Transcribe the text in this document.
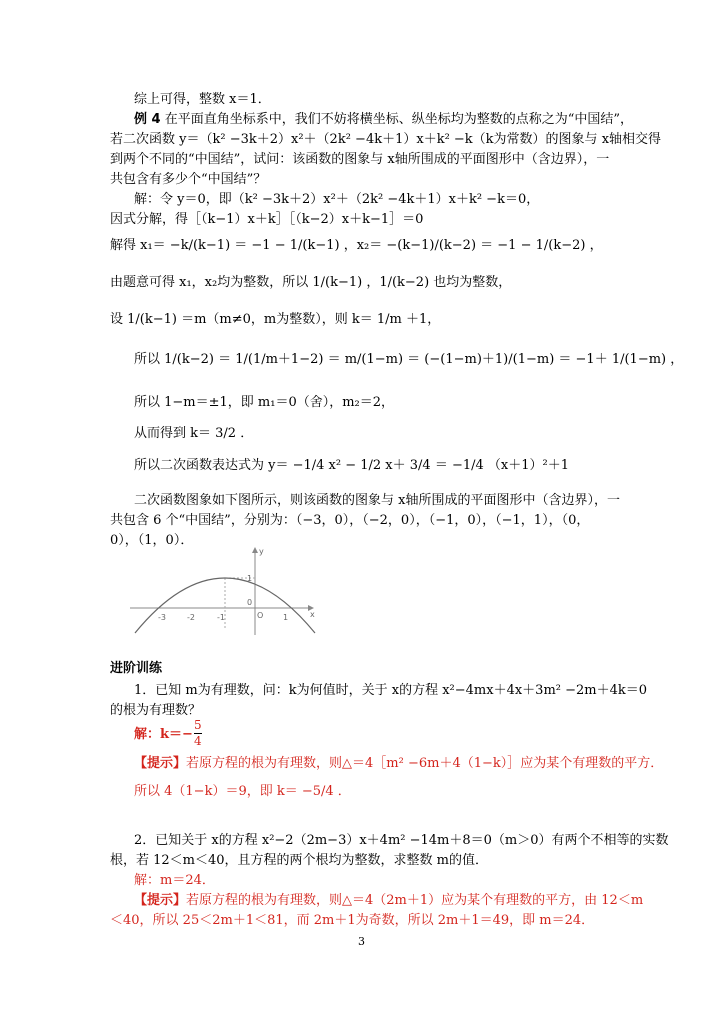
综上可得，整数 x＝1．
例 4 在平面直角坐标系中，我们不妨将横坐标、纵坐标均为整数的点称之为“中国结”，
若二次函数 y＝（k² −3k＋2）x²＋（2k² −4k＋1）x＋k² −k（k为常数）的图象与 x轴相交得
到两个不同的“中国结”，试问：该函数的图象与 x轴所围成的平面图形中（含边界），一
共包含有多少个“中国结”？
解：令 y＝0，即（k² −3k＋2）x²＋（2k² −4k＋1）x＋k² −k＝0，
因式分解，得［（k−1）x＋k］［（k−2）x＋k−1］＝0
解得 x₁＝ −k/(k−1) ＝ −1 − 1/(k−1) ，x₂＝ −(k−1)/(k−2) ＝ −1 − 1/(k−2) ，
由题意可得 x₁，x₂均为整数，所以 1/(k−1) ，1/(k−2) 也均为整数，
设 1/(k−1) ＝m（m≠0，m为整数），则 k＝ 1/m ＋1，
所以 1/(k−2) ＝ 1/(1/m＋1−2) ＝ m/(1−m) ＝ (−(1−m)＋1)/(1−m) ＝ −1＋ 1/(1−m) ，
所以 1−m＝±1，即 m₁＝0（舍），m₂＝2，
从而得到 k＝ 3/2 ．
所以二次函数表达式为 y＝ −1/4 x² − 1/2 x＋ 3/4 ＝ −1/4 （x＋1）²＋1
二次函数图象如下图所示，则该函数的图象与 x轴所围成的平面图形中（含边界），一
共包含 6 个“中国结”，分别为：（−3，0），（−2，0），（−1，0），（−1，1），（0，
0），（1，0）．
-3	-2	-1
0
1
1
y
x
O
进阶训练
1．已知 m为有理数，问：k为何值时，关于 x的方程 x²−4mx＋4x＋3m² −2m＋4k＝0
的根为有理数？
解：$k=- \frac{5}{4}$
【提示】若原方程的根为有理数，则△＝4［m² −6m＋4（1−k）］应为某个有理数的平方．
所以 4（1−k）＝9，即 k＝ −5/4 ．
2．已知关于 x的方程 x²−2（2m−3）x＋4m² −14m＋8＝0（m＞0）有两个不相等的实数
根，若 12＜m＜40，且方程的两个根均为整数，求整数 m的值．
解：m＝24．
【提示】若原方程的根为有理数，则△＝4（2m＋1）应为某个有理数的平方，由 12＜m
＜40，所以 25＜2m＋1＜81，而 2m＋1为奇数，所以 2m＋1＝49，即 m＝24．
3
